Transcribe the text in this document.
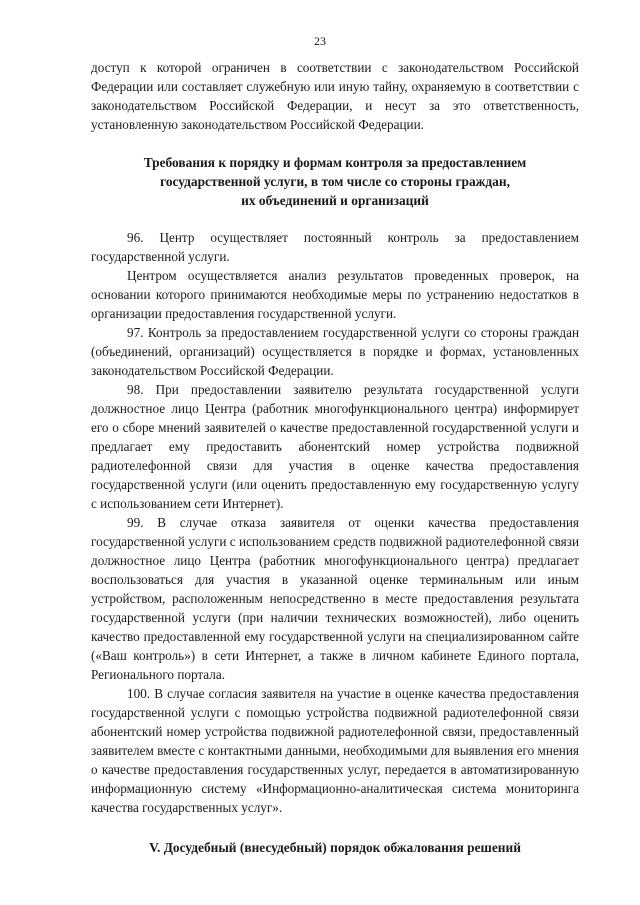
23

доступ к которой ограничен в соответствии с законодательством Российской Федерации или составляет служебную или иную тайну, охраняемую в соответствии с законодательством Российской Федерации, и несут за это ответственность, установленную законодательством Российской Федерации.

Требования к порядку и формам контроля за предоставлением
государственной услуги, в том числе со стороны граждан,
их объединений и организаций

96. Центр осуществляет постоянный контроль за предоставлением государственной услуги.

Центром осуществляется анализ результатов проведенных проверок, на основании которого принимаются необходимые меры по устранению недостатков в организации предоставления государственной услуги.

97. Контроль за предоставлением государственной услуги со стороны граждан (объединений, организаций) осуществляется в порядке и формах, установленных законодательством Российской Федерации.

98. При предоставлении заявителю результата государственной услуги должностное лицо Центра (работник многофункционального центра) информирует его о сборе мнений заявителей о качестве предоставленной государственной услуги и предлагает ему предоставить абонентский номер устройства подвижной радиотелефонной связи для участия в оценке качества предоставления государственной услуги (или оценить предоставленную ему государственную услугу с использованием сети Интернет).

99. В случае отказа заявителя от оценки качества предоставления государственной услуги с использованием средств подвижной радиотелефонной связи должностное лицо Центра (работник многофункционального центра) предлагает воспользоваться для участия в указанной оценке терминальным или иным устройством, расположенным непосредственно в месте предоставления результата государственной услуги (при наличии технических возможностей), либо оценить качество предоставленной ему государственной услуги на специализированном сайте («Ваш контроль») в сети Интернет, а также в личном кабинете Единого портала, Регионального портала.

100. В случае согласия заявителя на участие в оценке качества предоставления государственной услуги с помощью устройства подвижной радиотелефонной связи абонентский номер устройства подвижной радиотелефонной связи, предоставленный заявителем вместе с контактными данными, необходимыми для выявления его мнения о качестве предоставления государственных услуг, передается в автоматизированную информационную систему «Информационно-аналитическая система мониторинга качества государственных услуг».

V. Досудебный (внесудебный) порядок обжалования решений
